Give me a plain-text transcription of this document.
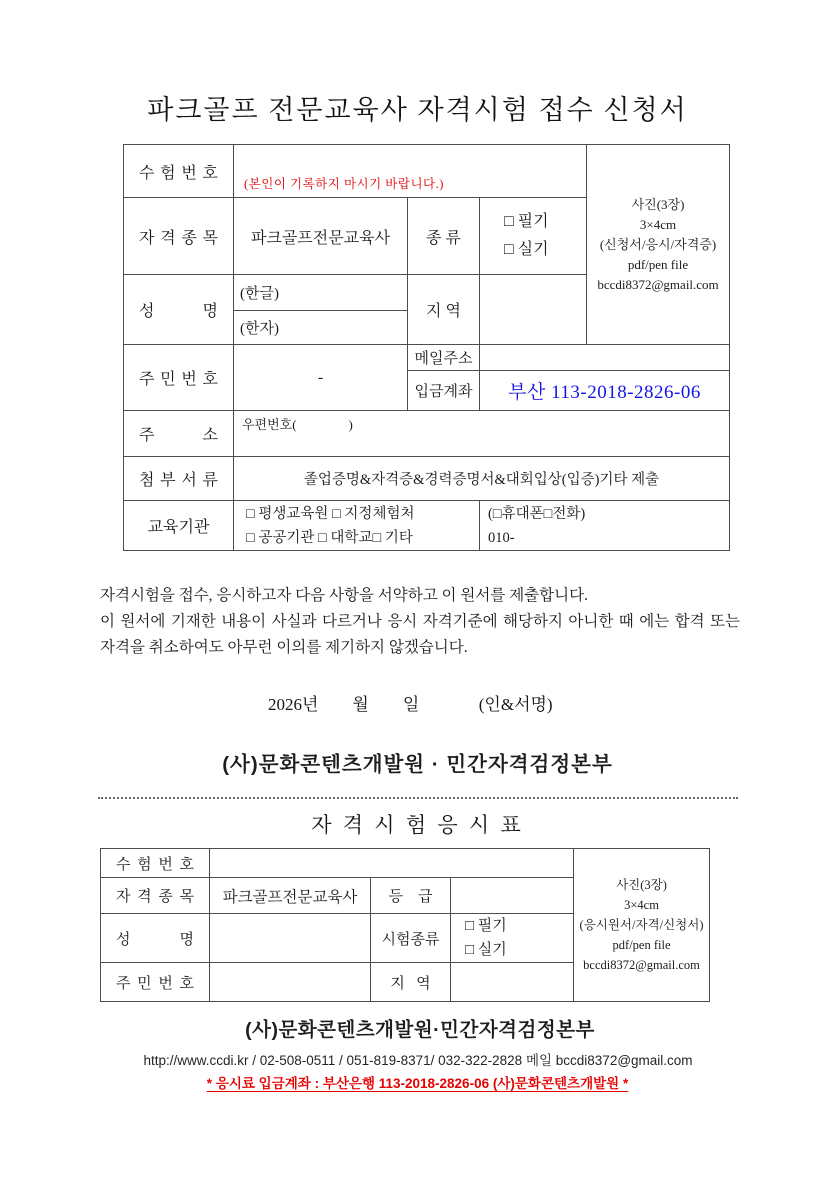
파크골프 전문교육사 자격시험 접수 신청서
수 험 번 호	(본인이 기록하지 마시기 바랍니다.)			사진(3장)
3×4cm
(신청서/응시/자격증)
pdf/pen file
bccdi8372@gmail.com

자 격 종 목	파크골프전문교육사	종 류	□ 필기
□ 실기	

성 명	(한글)	지 역		
	(한자)			
주 민 번 호	-	메일주소		
		입금계좌	부산 113-2018-2826-06	
주 소	우편번호(                )			
첨 부 서 류	졸업증명&자격증&경력증명서&대회입상(입증)기타 제출			
교육기관	
□ 평생교육원 □ 지정체험처
□ 공공기관 □ 대학교□ 기타

(□휴대폰□전화)
010-
자격시험을 접수, 응시하고자 다음 사항을 서약하고 이 원서를 제출합니다.
이 원서에 기재한 내용이 사실과 다르거나 응시 자격기준에 해당하지 아니한 때 에는 합격 또는
자격을 취소하여도 아무런 이의를 제기하지 않겠습니다.
2026년        월        일              (인&서명)
(사)문화콘텐츠개발원 · 민간자격검정본부
자 격 시 험 응 시 표
수 험 번 호				사진(3장)
3×4cm
(응시원서/자격/신청서)
pdf/pen file
bccdi8372@gmail.com

자 격 종 목	파크골프전문교육사	등    급		
성 명		시험종류	□ 필기
□ 실기	

주 민 번 호		지   역		
(사)문화콘텐츠개발원·민간자격검정본부
http://www.ccdi.kr / 02-508-0511 / 051-819-8371/ 032-322-2828 메일 bccdi8372@gmail.com
* 응시료 입금계좌 : 부산은행 113-2018-2826-06 (사)문화콘텐츠개발원 *
